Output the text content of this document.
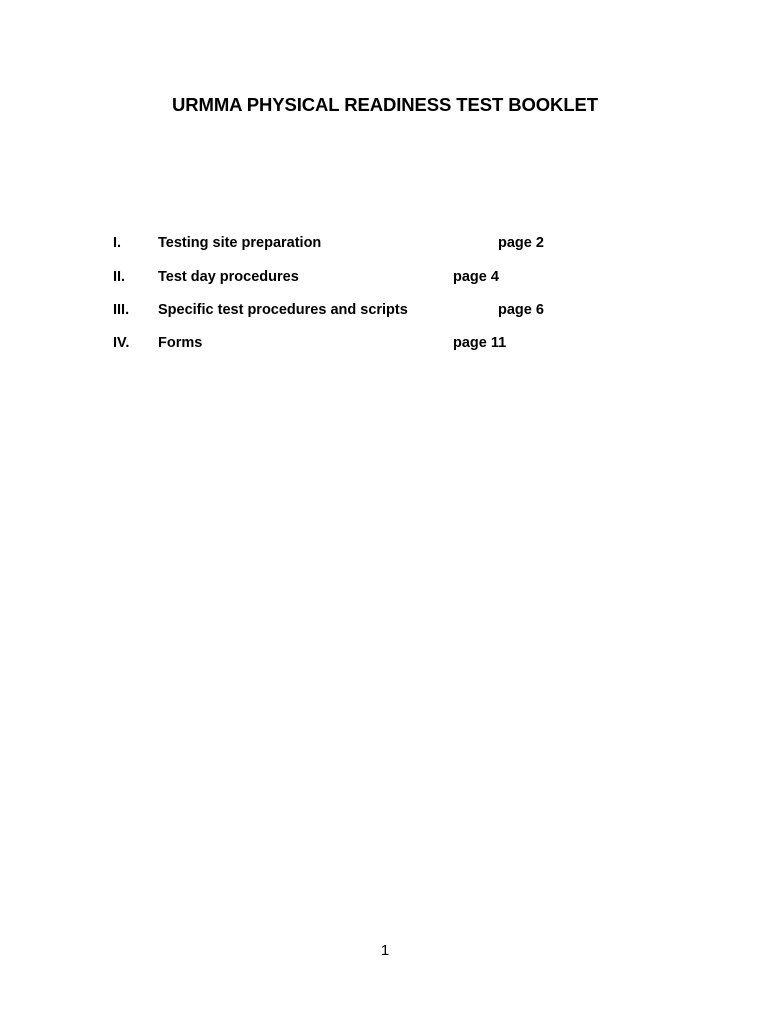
URMMA PHYSICAL READINESS TEST BOOKLET
I.	Testing site preparation	page 2
II. Test day procedures	page 4
III. Specific test procedures and scripts	page 6
IV. Forms	page 11
1
